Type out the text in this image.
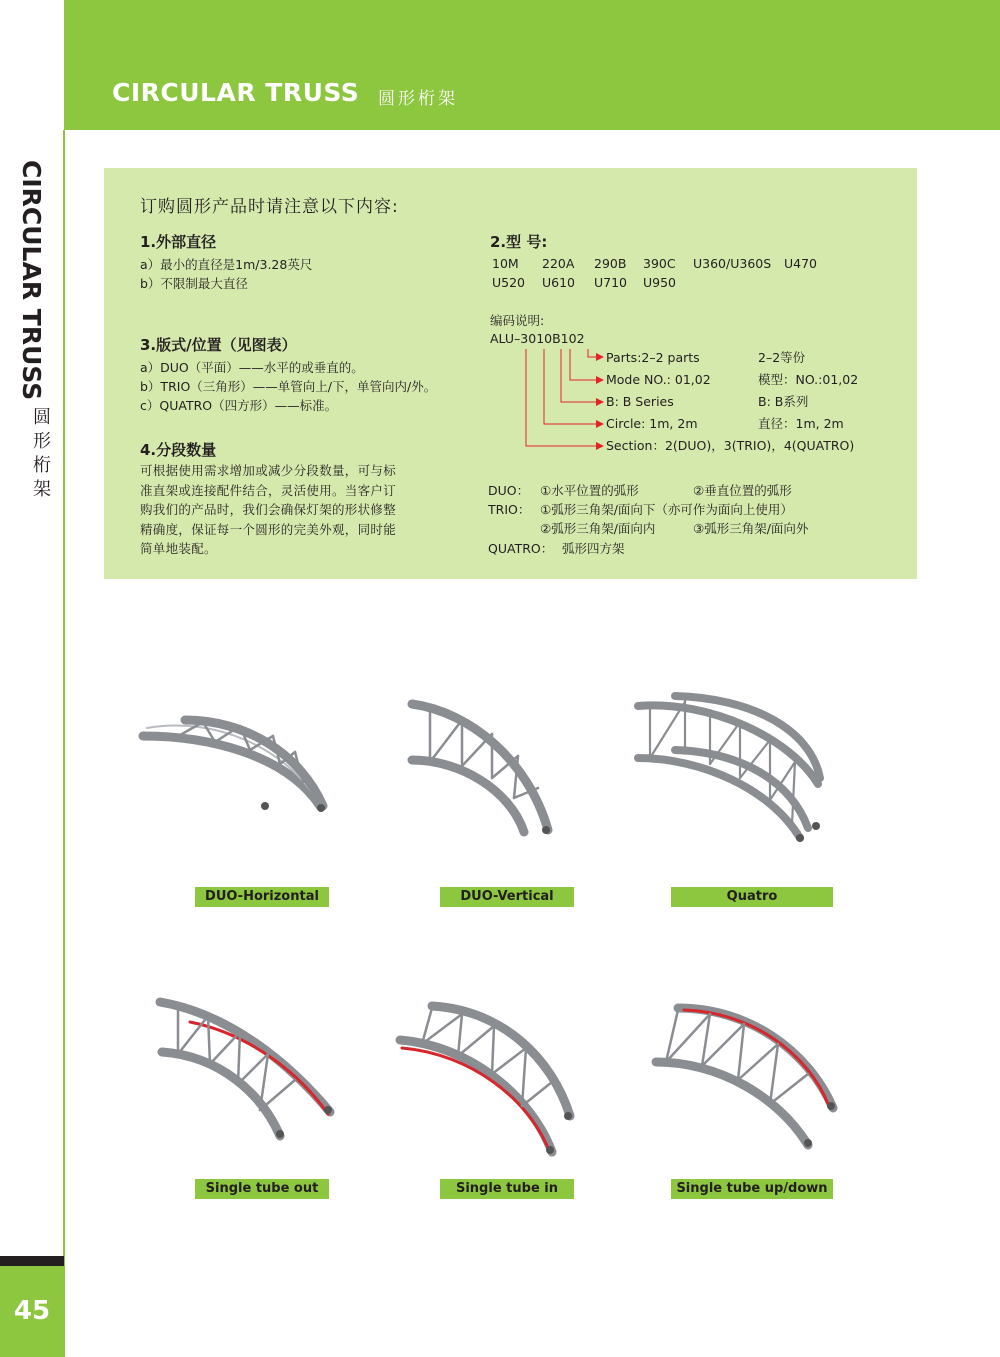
CIRCULAR TRUSS 圆形桁架
CIRCULAR TRUSS
圆形桁架
45
订购圆形产品时请注意以下内容:
1.外部直径
a）最小的直径是1m/3.28英尺
b）不限制最大直径
3.版式/位置（见图表）
a）DUO（平面）——水平的或垂直的。
b）TRIO（三角形）——单管向上/下，单管向内/外。
c）QUATRO（四方形）——标准。
4.分段数量
可根据使用需求增加或减少分段数量，可与标
准直架或连接配件结合，灵活使用。当客户订
购我们的产品时，我们会确保灯架的形状修整
精确度，保证每一个圆形的完美外观，同时能
简单地装配。
2.型 号:
10M 220A 290B 390C U360/U360S U470
U520 U610 U710 U950
编码说明:
ALU–3010B102
Parts:2–2 parts	2–2等份
Mode NO.: 01,02	模型：NO.:01,02
B: B Series	B: B系列
Circle: 1m, 2m	直径：1m, 2m
Section：2(DUO)，3(TRIO)，4(QUATRO)
DUO： ①水平位置的弧形	②垂直位置的弧形
TRIO： ①弧形三角架/面向下（亦可作为面向上使用）
②弧形三角架/面向内	③弧形三角架/面向外
QUATRO： 弧形四方架
DUO-Horizontal	DUO-Vertical	Quatro
Single tube out	Single tube in	Single tube up/down
